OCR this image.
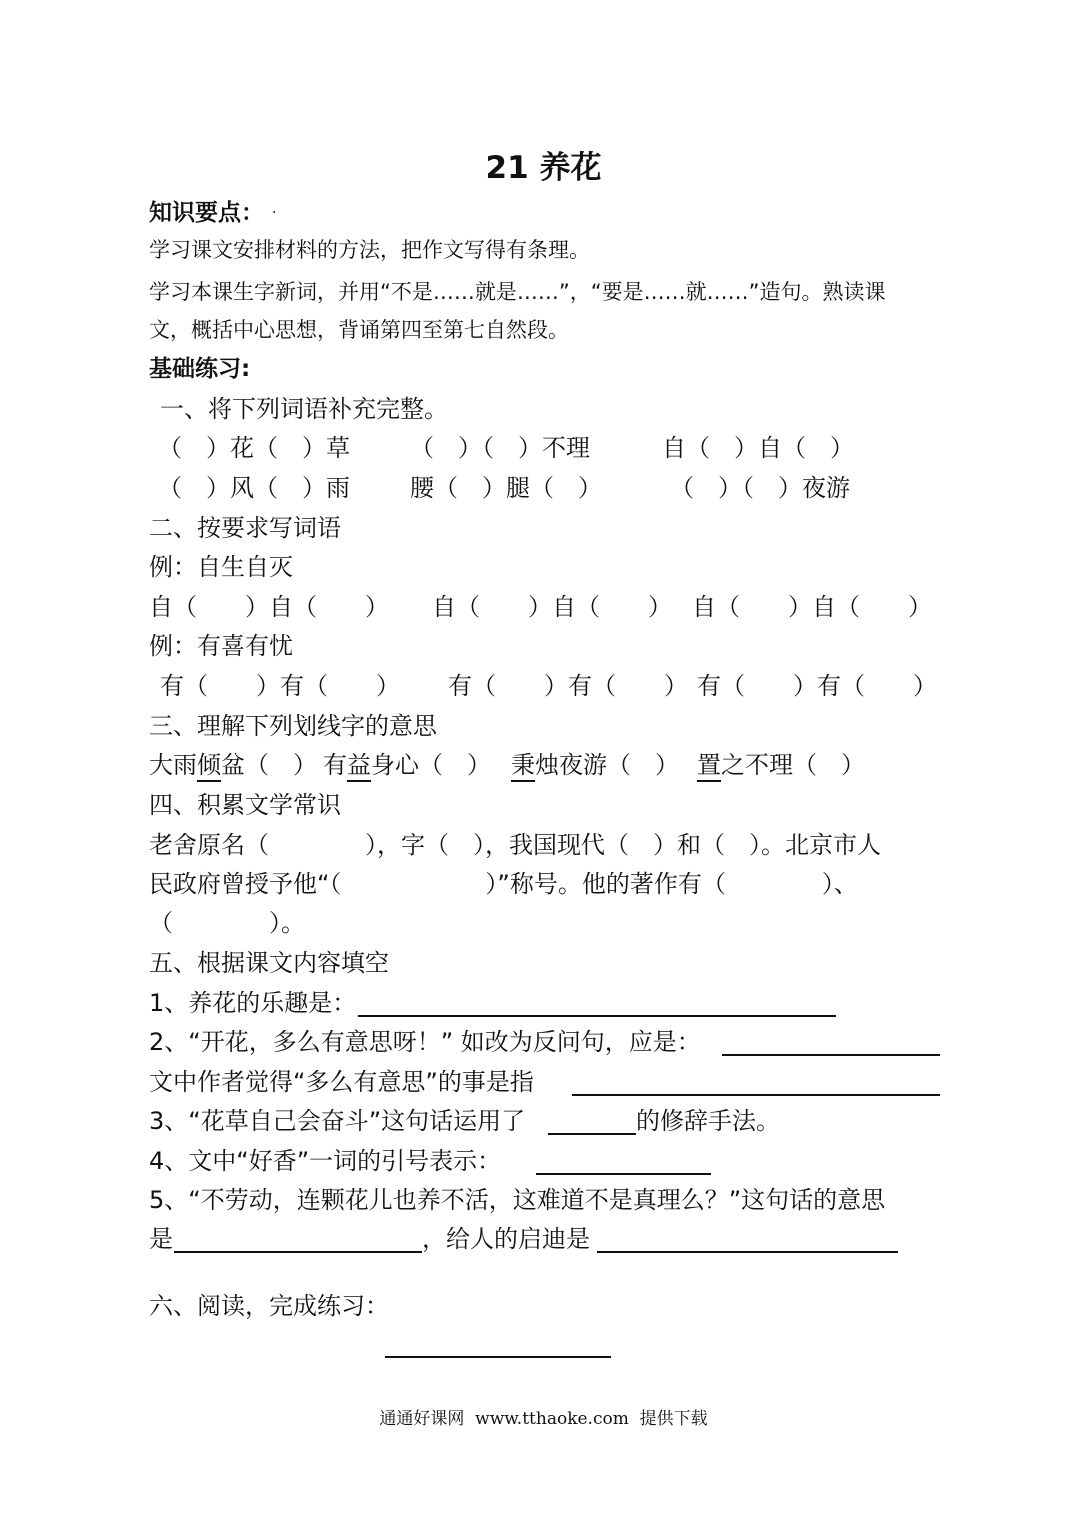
21 养花
知识要点： .
学习课文安排材料的方法，把作文写得有条理。
学习本课生字新词，并用“不是……就是……”，“要是……就……”造句。熟读课
文，概括中心思想，背诵第四至第七自然段。
基础练习:
一、将下列词语补充完整。
（　）花（　）草	（　）（　）不理	自（　）自（　）
（　）风（　）雨	腰（　）腿（　）	（　）（　）夜游
二、按要求写词语
例：自生自灭
自（　　）自（　　） 自（　　）自（　　） 自（　　）自（　　）
例：有喜有忧
有（　　）有（　　） 有（　　）有（　　） 有（　　）有（　　）
三、理解下列划线字的意思
大雨倾盆（　） 有益身心（　） 秉烛夜游（　） 置之不理（　）
四、积累文学常识
老舍原名（　　　　），字（　），我国现代（　）和（　）。北京市人
民政府曾授予他“（　　　　　　）”称号。他的著作有（　　　　）、
（　　　　）。
五、根据课文内容填空
1、养花的乐趣是：
2、“开花，多么有意思呀！” 如改为反问句，应是：
文中作者觉得“多么有意思”的事是指
3、“花草自己会奋斗”这句话运用了	的修辞手法。
4、文中“好香”一词的引号表示：
5、“不劳动，连颗花儿也养不活，这难道不是真理么？”这句话的意思
是	，给人的启迪是
六、阅读，完成练习：
通通好课网  www.tthaoke.com  提供下载
